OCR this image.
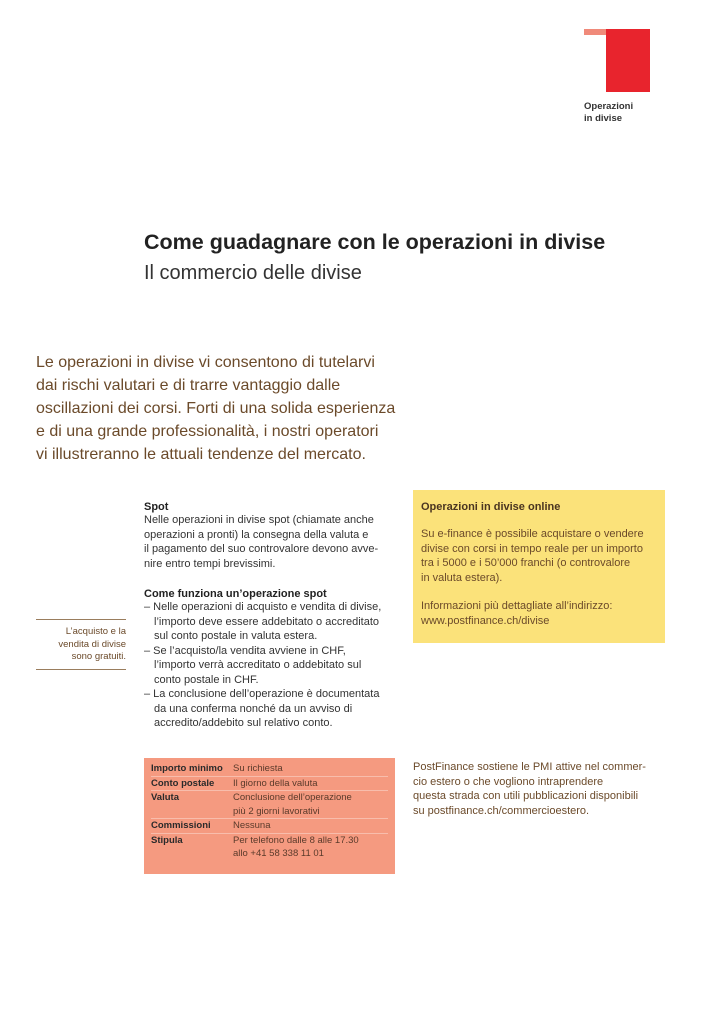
Operazioni
in divise
Come guadagnare con le operazioni in divise
Il commercio delle divise
Le operazioni in divise vi consentono di tutelarvi
dai rischi valutari e di trarre vantaggio dalle
oscillazioni dei corsi. Forti di una solida esperienza
e di una grande professionalità, i nostri operatori
vi illustreranno le attuali tendenze del mercato.
Spot
Nelle operazioni in divise spot (chiamate anche
operazioni a pronti) la consegna della valuta e
il pagamento del suo controvalore devono avve-
nire entro tempi brevissimi.
Come funziona un’operazione spot
– Nelle operazioni di acquisto e vendita di divise,
l’importo deve essere addebitato o accreditato
sul conto postale in valuta estera.
– Se l’acquisto/la vendita avviene in CHF,
l’importo verrà accreditato o addebitato sul
conto postale in CHF.
– La conclusione dell’operazione è documentata
da una conferma nonché da un avviso di
accredito/addebito sul relativo conto.
L’acquisto e la
vendita di divise
sono gratuiti.
Operazioni in divise online
Su e-finance è possibile acquistare o vendere
divise con corsi in tempo reale per un importo
tra i 5000 e i 50’000 franchi (o controvalore
in valuta estera).
Informazioni più dettagliate all’indirizzo:
www.postfinance.ch/divise
Importo minimo	Su richiesta
Conto postale	Il giorno della valuta
Valuta	Conclusione dell’operazione
più 2 giorni lavorativi
Commissioni	Nessuna
Stipula	Per telefono dalle 8 alle 17.30
allo +41 58 338 11 01
PostFinance sostiene le PMI attive nel commer-
cio estero o che vogliono intraprendere
questa strada con utili pubblicazioni disponibili
su postfinance.ch/commercioestero.
